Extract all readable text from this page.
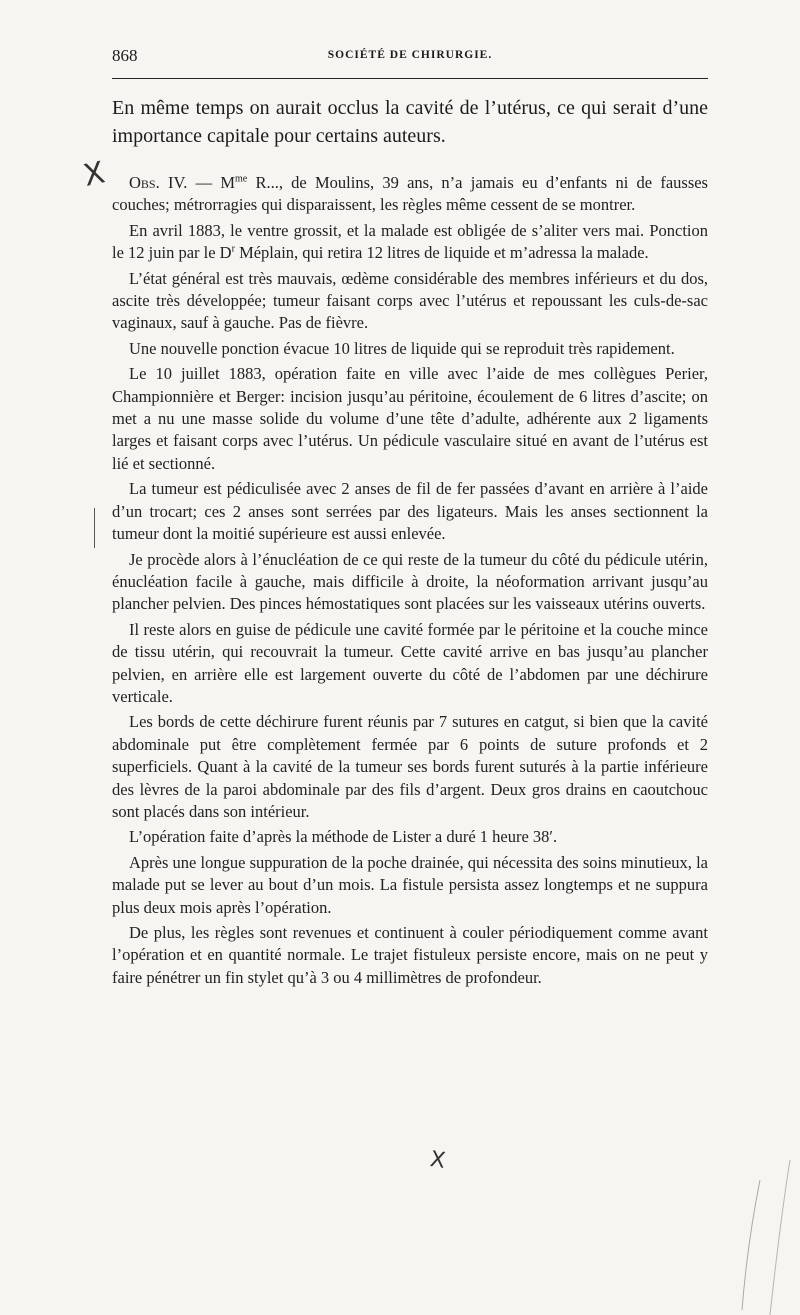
868	SOCIÉTÉ DE CHIRURGIE.

En même temps on aurait occlus la cavité de l’utérus, ce qui serait d’une importance capitale pour certains auteurs.

X	Obs. IV. — $M^{me}$ R..., de Moulins, 39 ans, n’a jamais eu d’enfants ni de fausses couches; métrorragies qui disparaissent, les règles même cessent de se montrer.

En avril 1883, le ventre grossit, et la malade est obligée de s’aliter vers mai. Ponction le 12 juin par le $D^r$ Méplain, qui retira 12 litres de liquide et m’adressa la malade.

L’état général est très mauvais, œdème considérable des membres inférieurs et du dos, ascite très développée; tumeur faisant corps avec l’utérus et repoussant les culs-de-sac vaginaux, sauf à gauche. Pas de fièvre.

Une nouvelle ponction évacue 10 litres de liquide qui se reproduit très rapidement.

Le 10 juillet 1883, opération faite en ville avec l’aide de mes collègues Perier, Championnière et Berger: incision jusqu’au péritoine, écoulement de 6 litres d’ascite; on met a nu une masse solide du volume d’une tête d’adulte, adhérente aux 2 ligaments larges et faisant corps avec l’utérus. Un pédicule vasculaire situé en avant de l’utérus est lié et sectionné.

La tumeur est pédiculisée avec 2 anses de fil de fer passées d’avant en arrière à l’aide d’un trocart; ces 2 anses sont serrées par des ligateurs. Mais les anses sectionnent la tumeur dont la moitié supérieure est aussi enlevée.

Je procède alors à l’énucléation de ce qui reste de la tumeur du côté du pédicule utérin, énucléation facile à gauche, mais difficile à droite, la néoformation arrivant jusqu’au plancher pelvien. Des pinces hémostatiques sont placées sur les vaisseaux utérins ouverts.

Il reste alors en guise de pédicule une cavité formée par le péritoine et la couche mince de tissu utérin, qui recouvrait la tumeur. Cette cavité arrive en bas jusqu’au plancher pelvien, en arrière elle est largement ouverte du côté de l’abdomen par une déchirure verticale.

Les bords de cette déchirure furent réunis par 7 sutures en catgut, si bien que la cavité abdominale put être complètement fermée par 6 points de suture profonds et 2 superficiels. Quant à la cavité de la tumeur ses bords furent suturés à la partie inférieure des lèvres de la paroi abdominale par des fils d’argent. Deux gros drains en caoutchouc sont placés dans son intérieur.

L’opération faite d’après la méthode de Lister a duré 1 heure 38′.

Après une longue suppuration de la poche drainée, qui nécessita des soins minutieux, la malade put se lever au bout d’un mois. La fistule persista assez longtemps et ne suppura plus deux mois après l’opération.

De plus, les règles sont revenues et continuent à couler périodiquement comme avant l’opération et en quantité normale. Le trajet fistuleux persiste encore, mais on ne peut y faire pénétrer un fin stylet qu’à 3 ou 4 millimètres de profondeur.

X
